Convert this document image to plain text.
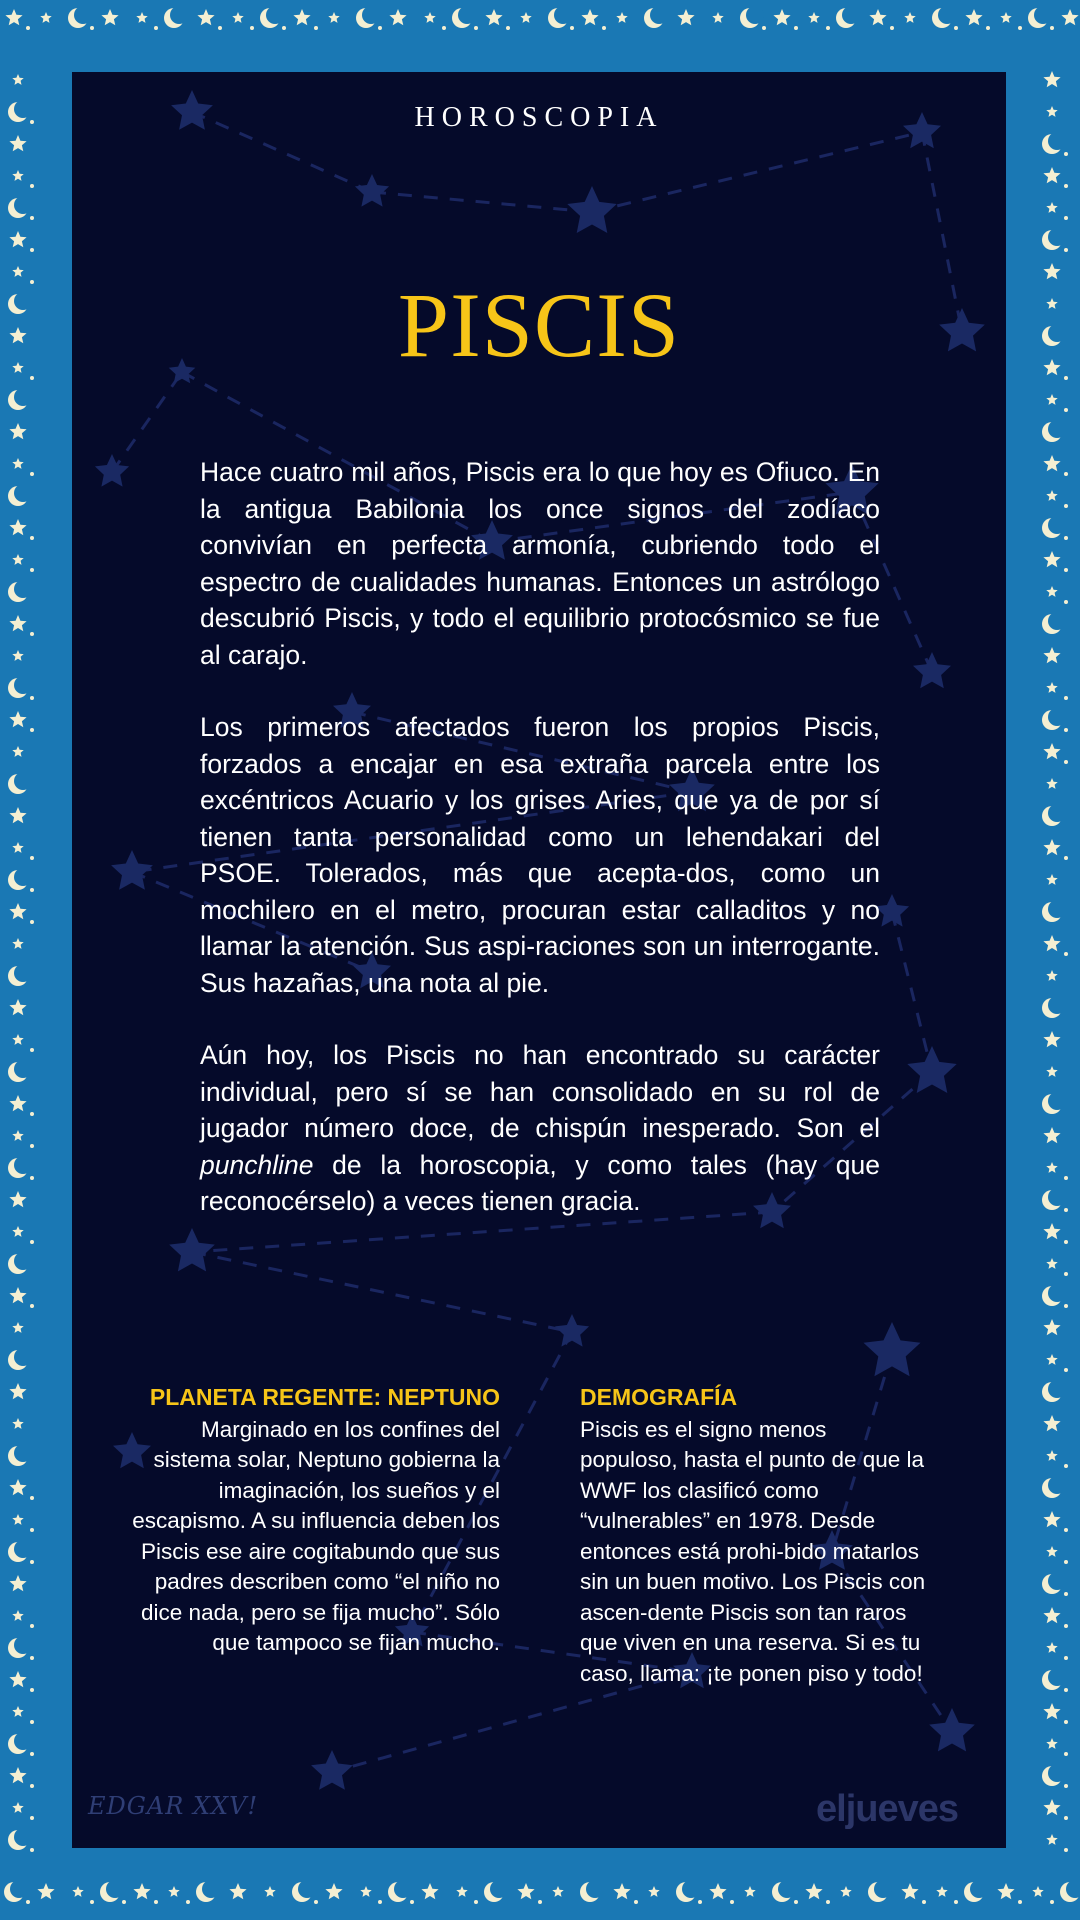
HOROSCOPIA
PISCIS

Hace cuatro mil años, Piscis era lo que hoy es Ofiuco. En la antigua Babilonia los once signos del zodíaco convivían en perfecta armonía, cubriendo todo el espectro de cualidades humanas. Entonces un astrólogo descubrió Piscis, y todo el equilibrio protocósmico se fue al carajo.

Los primeros afectados fueron los propios Piscis, forzados a encajar en esa extraña parcela entre los excéntricos Acuario y los grises Aries, que ya de por sí tienen tanta personalidad como un lehendakari del PSOE. Tolerados, más que acepta-dos, como un mochilero en el metro, procuran estar calladitos y no llamar la atención. Sus aspi-raciones son un interrogante. Sus hazañas, una nota al pie.

Aún hoy, los Piscis no han encontrado su carácter individual, pero sí se han consolidado en su rol de jugador número doce, de chispún inesperado. Son el punchline de la horoscopia, y como tales (hay que reconocérselo) a veces tienen gracia.

PLANETA REGENTE: NEPTUNO

Marginado en los confines del sistema solar, Neptuno gobierna la imaginación, los sueños y el escapismo. A su influencia deben los Piscis ese aire cogitabundo que sus padres describen como “el niño no dice nada, pero se fija mucho”. Sólo que tampoco se fijan mucho.

DEMOGRAFÍA

Piscis es el signo menos populoso, hasta el punto de que la WWF los clasificó como “vulnerables” en 1978. Desde entonces está prohi-bido matarlos sin un buen motivo. Los Piscis con ascen-dente Piscis son tan raros que viven en una reserva. Si es tu caso, llama: ¡te ponen piso y todo!

EDGAR XXV!	eljueves
